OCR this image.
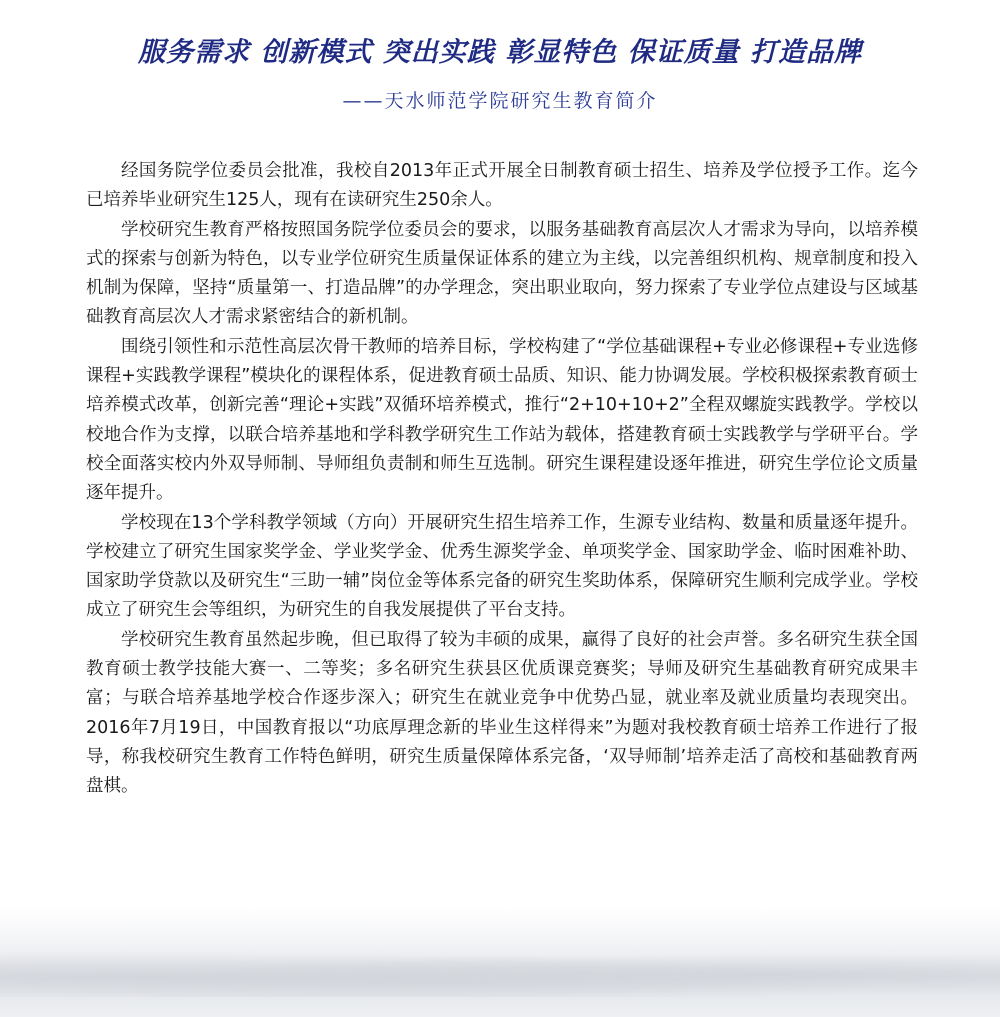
服务需求 创新模式 突出实践 彰显特色 保证质量 打造品牌
——天水师范学院研究生教育简介

经国务院学位委员会批准，我校自2013年正式开展全日制教育硕士招生、培养及学位授予工作。迄今已培养毕业研究生125人，现有在读研究生250余人。

学校研究生教育严格按照国务院学位委员会的要求，以服务基础教育高层次人才需求为导向，以培养模式的探索与创新为特色，以专业学位研究生质量保证体系的建立为主线，以完善组织机构、规章制度和投入机制为保障，坚持“质量第一、打造品牌”的办学理念，突出职业取向，努力探索了专业学位点建设与区域基础教育高层次人才需求紧密结合的新机制。

围绕引领性和示范性高层次骨干教师的培养目标，学校构建了“学位基础课程+专业必修课程+专业选修课程+实践教学课程”模块化的课程体系，促进教育硕士品质、知识、能力协调发展。学校积极探索教育硕士培养模式改革，创新完善“理论+实践”双循环培养模式，推行“2+10+10+2”全程双螺旋实践教学。学校以校地合作为支撑，以联合培养基地和学科教学研究生工作站为载体，搭建教育硕士实践教学与学研平台。学校全面落实校内外双导师制、导师组负责制和师生互选制。研究生课程建设逐年推进，研究生学位论文质量逐年提升。

学校现在13个学科教学领域（方向）开展研究生招生培养工作，生源专业结构、数量和质量逐年提升。学校建立了研究生国家奖学金、学业奖学金、优秀生源奖学金、单项奖学金、国家助学金、临时困难补助、国家助学贷款以及研究生“三助一辅”岗位金等体系完备的研究生奖助体系，保障研究生顺利完成学业。学校成立了研究生会等组织，为研究生的自我发展提供了平台支持。

学校研究生教育虽然起步晚，但已取得了较为丰硕的成果，赢得了良好的社会声誉。多名研究生获全国教育硕士教学技能大赛一、二等奖；多名研究生获县区优质课竞赛奖；导师及研究生基础教育研究成果丰富；与联合培养基地学校合作逐步深入；研究生在就业竞争中优势凸显，就业率及就业质量均表现突出。2016年7月19日，中国教育报以“功底厚理念新的毕业生这样得来”为题对我校教育硕士培养工作进行了报导，称我校研究生教育工作特色鲜明，研究生质量保障体系完备，‘双导师制’培养走活了高校和基础教育两盘棋。
